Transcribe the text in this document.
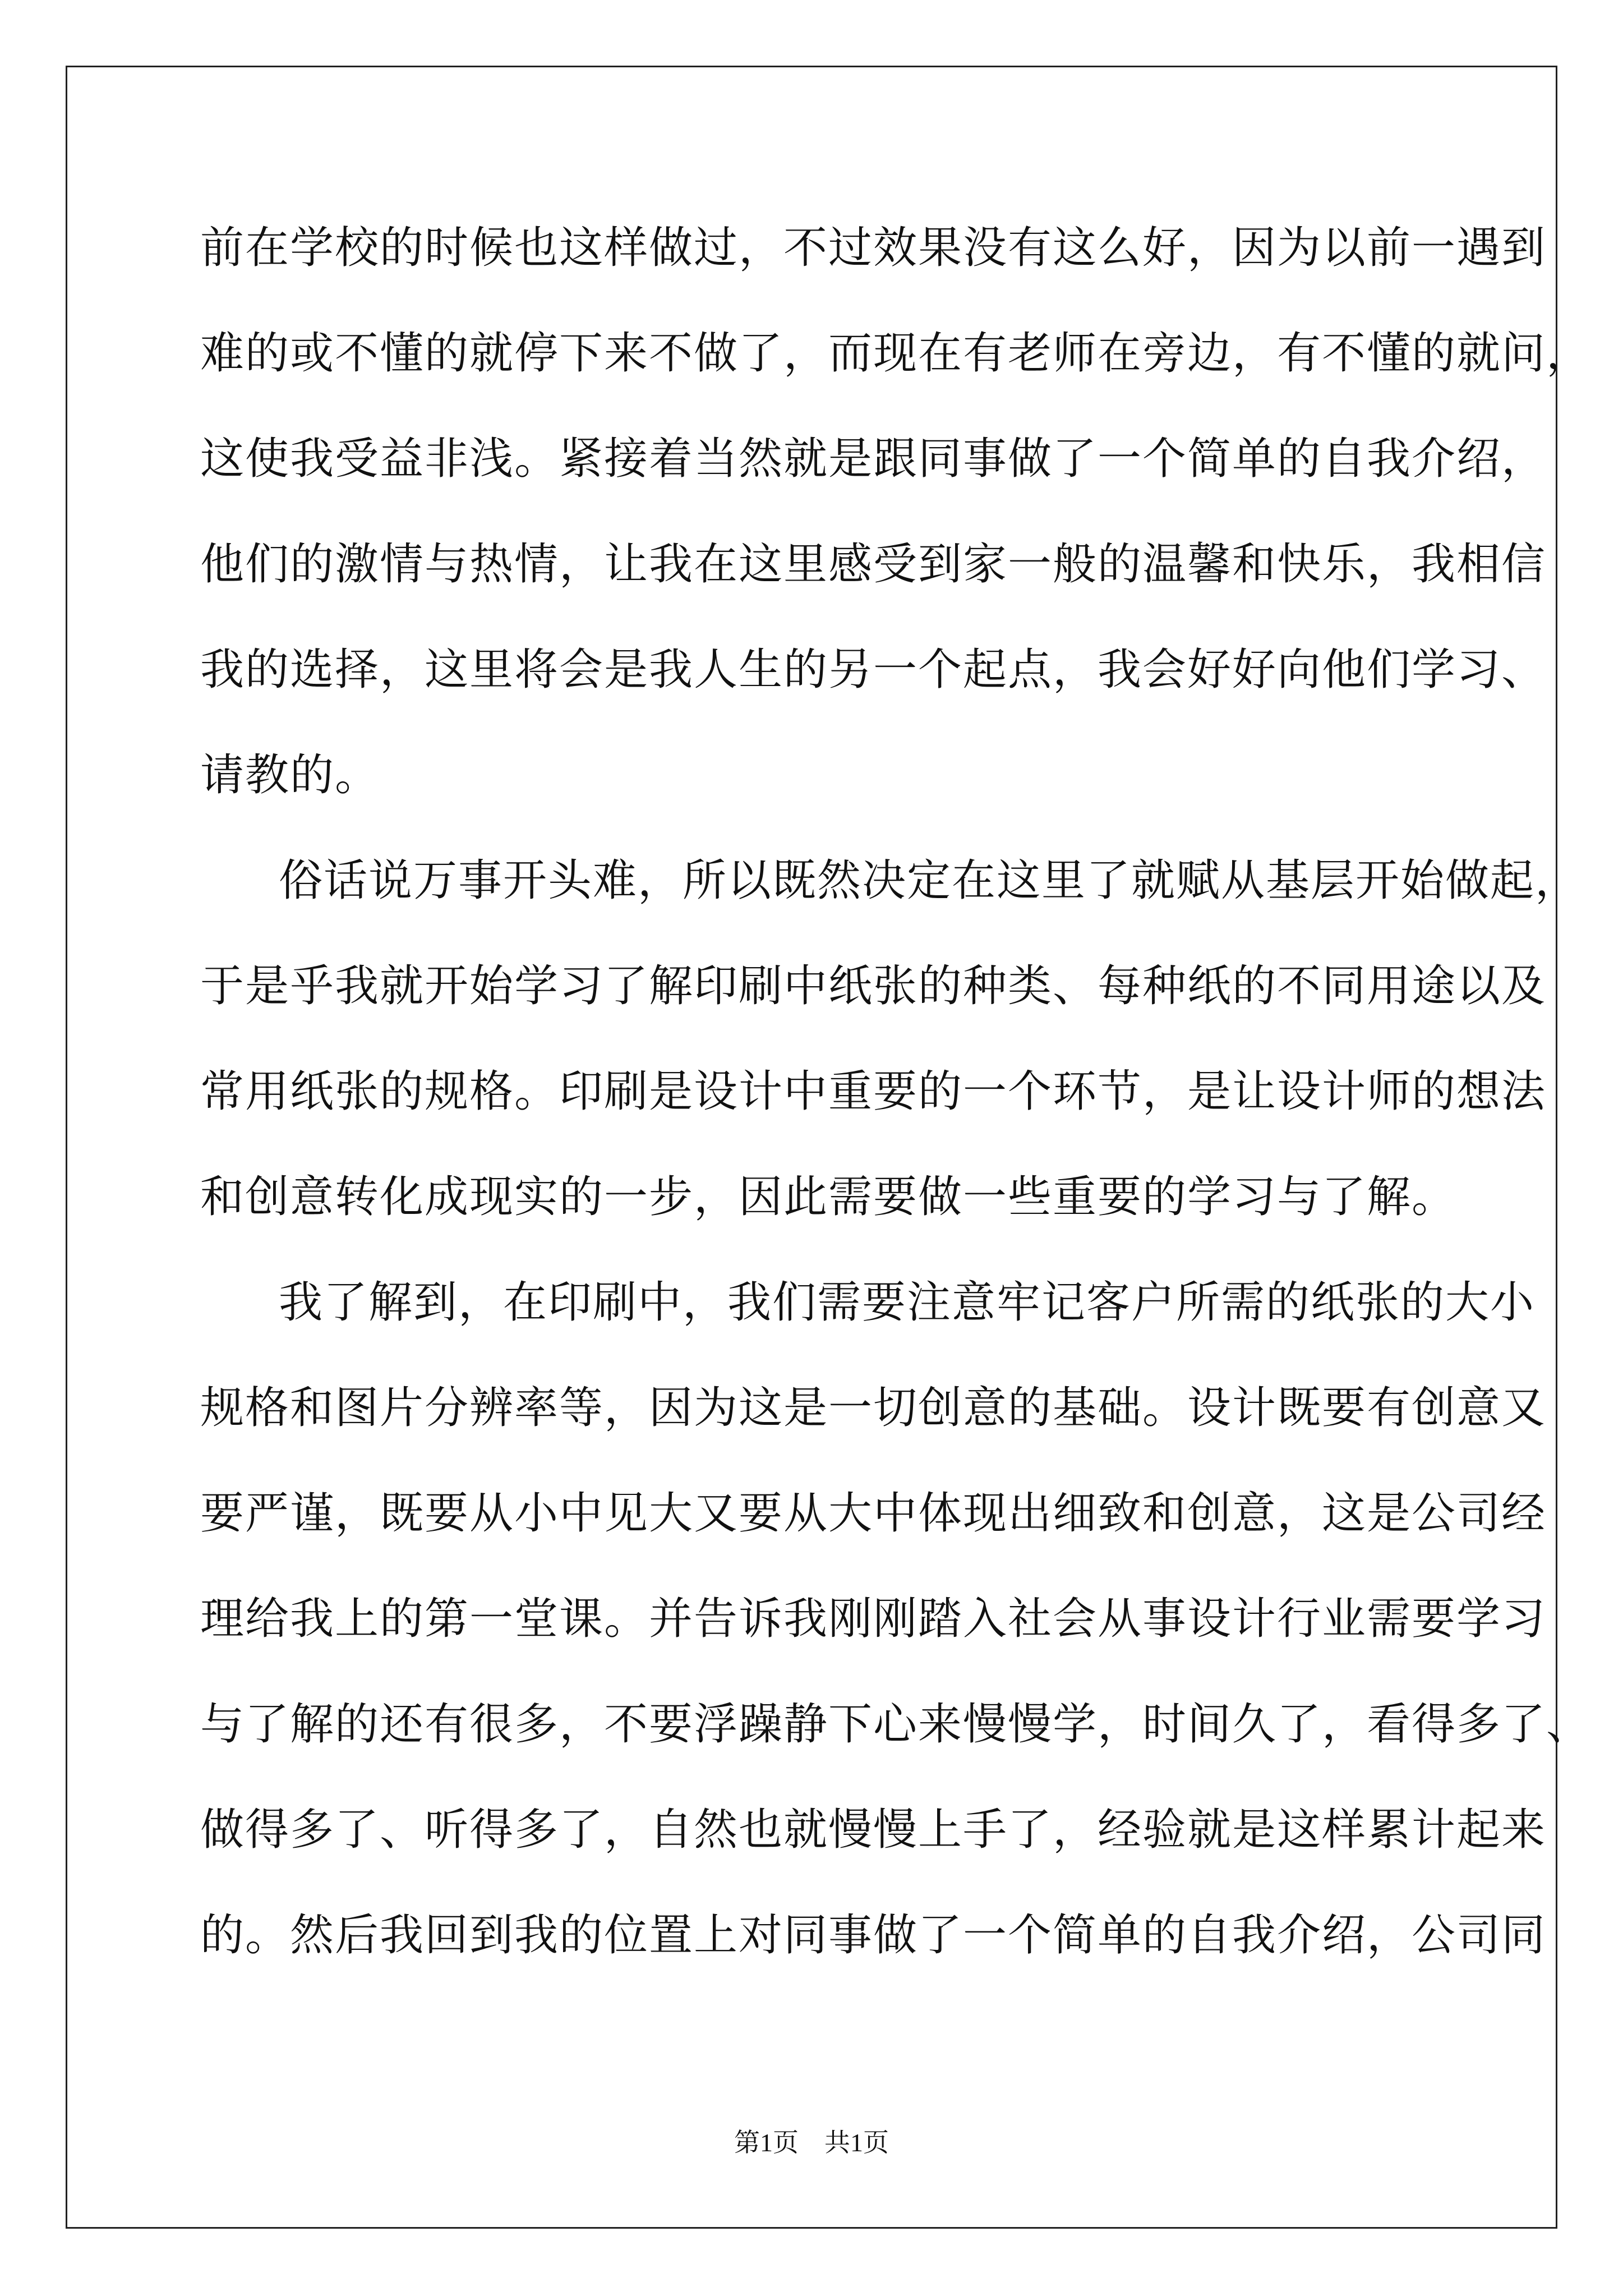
前在学校的时候也这样做过，不过效果没有这么好，因为以前一遇到
难的或不懂的就停下来不做了，而现在有老师在旁边，有不懂的就问，
这使我受益非浅。紧接着当然就是跟同事做了一个简单的自我介绍，
他们的激情与热情，让我在这里感受到家一般的温馨和快乐，我相信
我的选择，这里将会是我人生的另一个起点，我会好好向他们学习、
请教的。
俗话说万事开头难，所以既然决定在这里了就赋从基层开始做起，
于是乎我就开始学习了解印刷中纸张的种类、每种纸的不同用途以及
常用纸张的规格。印刷是设计中重要的一个环节，是让设计师的想法
和创意转化成现实的一步，因此需要做一些重要的学习与了解。
我了解到，在印刷中，我们需要注意牢记客户所需的纸张的大小
规格和图片分辨率等，因为这是一切创意的基础。设计既要有创意又
要严谨，既要从小中见大又要从大中体现出细致和创意，这是公司经
理给我上的第一堂课。并告诉我刚刚踏入社会从事设计行业需要学习
与了解的还有很多，不要浮躁静下心来慢慢学，时间久了，看得多了、
做得多了、听得多了，自然也就慢慢上手了，经验就是这样累计起来
的。然后我回到我的位置上对同事做了一个简单的自我介绍，公司同
第1页　共1页
